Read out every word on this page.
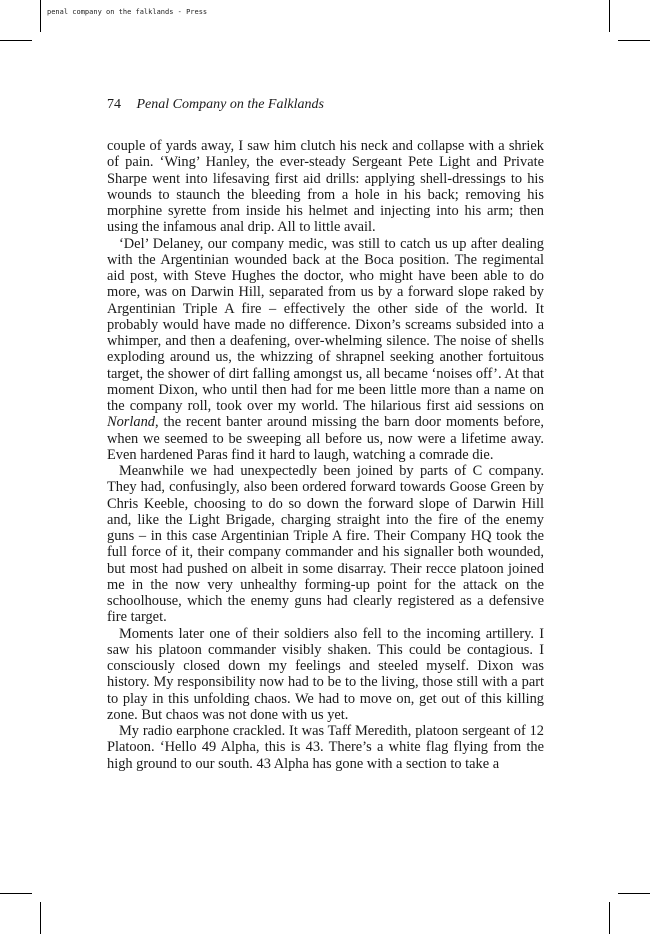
penal company on the falklands - Press
74 Penal Company on the Falklands

couple of yards away, I saw him clutch his neck and collapse with a shriek of pain. ‘Wing’ Hanley, the ever-steady Sergeant Pete Light and Private Sharpe went into lifesaving first aid drills: applying shell-dressings to his wounds to staunch the bleeding from a hole in his back; removing his morphine syrette from inside his helmet and injecting into his arm; then using the infamous anal drip. All to little avail.

‘Del’ Delaney, our company medic, was still to catch us up after dealing with the Argentinian wounded back at the Boca position. The regimental aid post, with Steve Hughes the doctor, who might have been able to do more, was on Darwin Hill, separated from us by a forward slope raked by Argentinian Triple A fire – effectively the other side of the world. It probably would have made no difference. Dixon’s screams subsided into a whimper, and then a deafening, over-whelming silence. The noise of shells exploding around us, the whizzing of shrapnel seeking another fortuitous target, the shower of dirt falling amongst us, all became ‘noises off’. At that moment Dixon, who until then had for me been little more than a name on the company roll, took over my world. The hilarious first aid sessions on Norland, the recent banter around missing the barn door moments before, when we seemed to be sweeping all before us, now were a lifetime away. Even hardened Paras find it hard to laugh, watching a comrade die.

Meanwhile we had unexpectedly been joined by parts of C company. They had, confusingly, also been ordered forward towards Goose Green by Chris Keeble, choosing to do so down the forward slope of Darwin Hill and, like the Light Brigade, charging straight into the fire of the enemy guns – in this case Argentinian Triple A fire. Their Company HQ took the full force of it, their company commander and his signaller both wounded, but most had pushed on albeit in some disarray. Their recce platoon joined me in the now very unhealthy forming-up point for the attack on the schoolhouse, which the enemy guns had clearly registered as a defensive fire target.

Moments later one of their soldiers also fell to the incoming artillery. I saw his platoon commander visibly shaken. This could be contagious. I consciously closed down my feelings and steeled myself. Dixon was history. My responsibility now had to be to the living, those still with a part to play in this unfolding chaos. We had to move on, get out of this killing zone. But chaos was not done with us yet.

My radio earphone crackled. It was Taff Meredith, platoon sergeant of 12 Platoon. ‘Hello 49 Alpha, this is 43. There’s a white flag flying from the high ground to our south. 43 Alpha has gone with a section to take a
